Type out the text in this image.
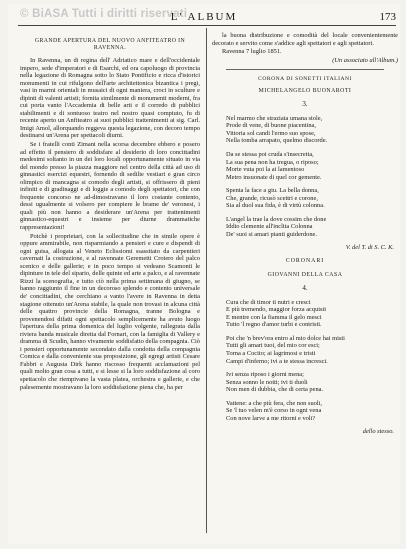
© BiASA Tutti i diritti riservati
L' ALBUM	173
GRANDE APERTURA DEL NUOVO ANFITEATRO IN RAVENNA.

In Ravenna, un di regina dell' Adriatico mare e dell'occidentale impero, sede d'imperatori e di Esarchi, ed ora capoluogo di provincia nella legazione di Romagna sotto lo Stato Pontificio e ricca d'istorici monumenti in cui rifulgono dell'arte architettonica bizantica i pregi, vasi in marmi orientali in musaici di ogni maniera, croci in sculture e dipinti di valenti artisti; fornita similmente di monumenti moderni, fra cui porta vanto l'Accademia di belle arti e il corredo di pubblici stabilimenti e di sontuoso teatro nel nostro quasi compiuto, fu di recente aperto un Anfiteatro ai suoi pubblici trattenimenti ai sig. Carl. Imigi Amol, allorquando reggeva questa legazione, con decoro tempo destinarsi un'Arena per spettacoli diurni.

Se i fratelli conti Zimani nella scorsa decembre ebbero e posero ad effetto il pensiero di soddisfare al desiderio di loro concittadini medesimi soltanto in un dei loro locali opportunamente situato in via del mondo presso la piazza maggiore nel centro della città ad uso di ginnastici esercizi equestri, fornendo di sedilie vestiari e gran circo olimpico di mancagna si comodo degli artisti, si offrissero di pieni infiniti e di gradinaggi e di loggie a comodo degli spettatori, che con frequente concorso ne ad-dimostravano il loro costante contento, dessi ugualmente si volsero per compiere le brame de' veronesi, i quali più non hanno a desiderare un'Arena per trattenimenti ginnastico-equestri e insieme per diurne drammatiche rappresentazioni!

Poichè i proprietari, con la sollecitudine che in simile opere è oppure ammirabile, non risparmiando a pensieri e cure e dispendi di ogni guisa, allogata al Veneto Eclissiomi ssassitato da carpentieri cavernati la costruzione, e al ravennate Geremetti Crotero del palco scenico e delle gallerie; e in poco tempo si vedeano Scamonti le dipinture in tele del sipario, delle quinte ed arte a palco, e al ravennate Rizzi la scenografia, e tutto ciò nella prima settimana di giugno, se hanno raggiunto il fine in un decoroso splendo e contento universale de' concittadini, che cerchiano a vanto l'avere in Ravenna in detta stagione ottenuto un'Arena stabile, la quale non trovasi in alcuna città delle quattro provincie della Romagna, tranne Bologna e provenendosi difatti ogni spettacolo semplicemente ha avuto luogo l'apertura della prima domenica del luglio volgente, rallegrata dalla riviera banda musicale diretta dal Fornari, con la famiglia di Vallery e dramma di Scudin, hanno vivamente soddisfatto della compagnia. Ciò i pensieri opportunamente secondato dalla condotta della compagnia Comica e dalla conveniente sua proposizione, gli egregi artisti Cesare Fabbri e Augusta Dirk hanno riscosso frequenti acclamazioni pel quali molto gran cosa a tutti, e si lesse si la loro soddisfazione al coro spettacolo che riempivano la vasta platea, orchestra e gallerie, e che palesemente mostravano la loro soddisfazione piena che, ha per

la buona distribuzione e comodità del locale convenientemente decorato e servito come s'addice agli spettatori e agli spettatori.

Ravenna 7 luglio 1851.
(Un associato all'Album.)
CORONA DI SONETTI ITALIANI
MICHELANGELO BUONAROTI
3.
Nel marmo che straziata umana stole,
Prode di vene, di buone piacentina,
Vittoria sol candi l'ermo suo spose,
Nella tomba arrapato, quelmo discorde.
Da se stessa poi cruda s'insecretta,
La sua pena non ha tregua, o riposo;
Morte vuta poi la ai lamentoso
Metro insuonate di quel cor gemente.
Spenta la face a giu. La bella donna,
Che, grande, ricusò scettri e corone,
Sia al duol sua fida, è di virtù colonna.
L'angel la trae la dove cossim che done
Iddio clemente all'inclita Colonna
De' suoi si amari pianti guiderdone.
V. del T. di S. C. K.
CORONARI
GIOVANNI DELLA CASA
4.
Cura che di timor ti nutri e cresci
E più tremendo, maggior forza acquisti
E mentre con la fiamma il gelo mesci
Tutto 'l regno d'amor turbi e contristi.
Poi che 'n brev'ora entro al mio dolce hai misti
Tutti gli amari tuoi, del mio cor esci;
Torna a Cocito; ai lagrimosi e tristi
Campi d'inferno; ivi a te stessa incresci.
Ivi senza riposo i giorni mena;
Senza sonno le notti; ivi ti duoli
Non men di dubbia, che di certa pena.
Vattene: a che più fera, che non suoli,
Se 'l tuo velen m'è corso in ogni vena
Con nove larve a me ritorni e voli?
dello stesso.
